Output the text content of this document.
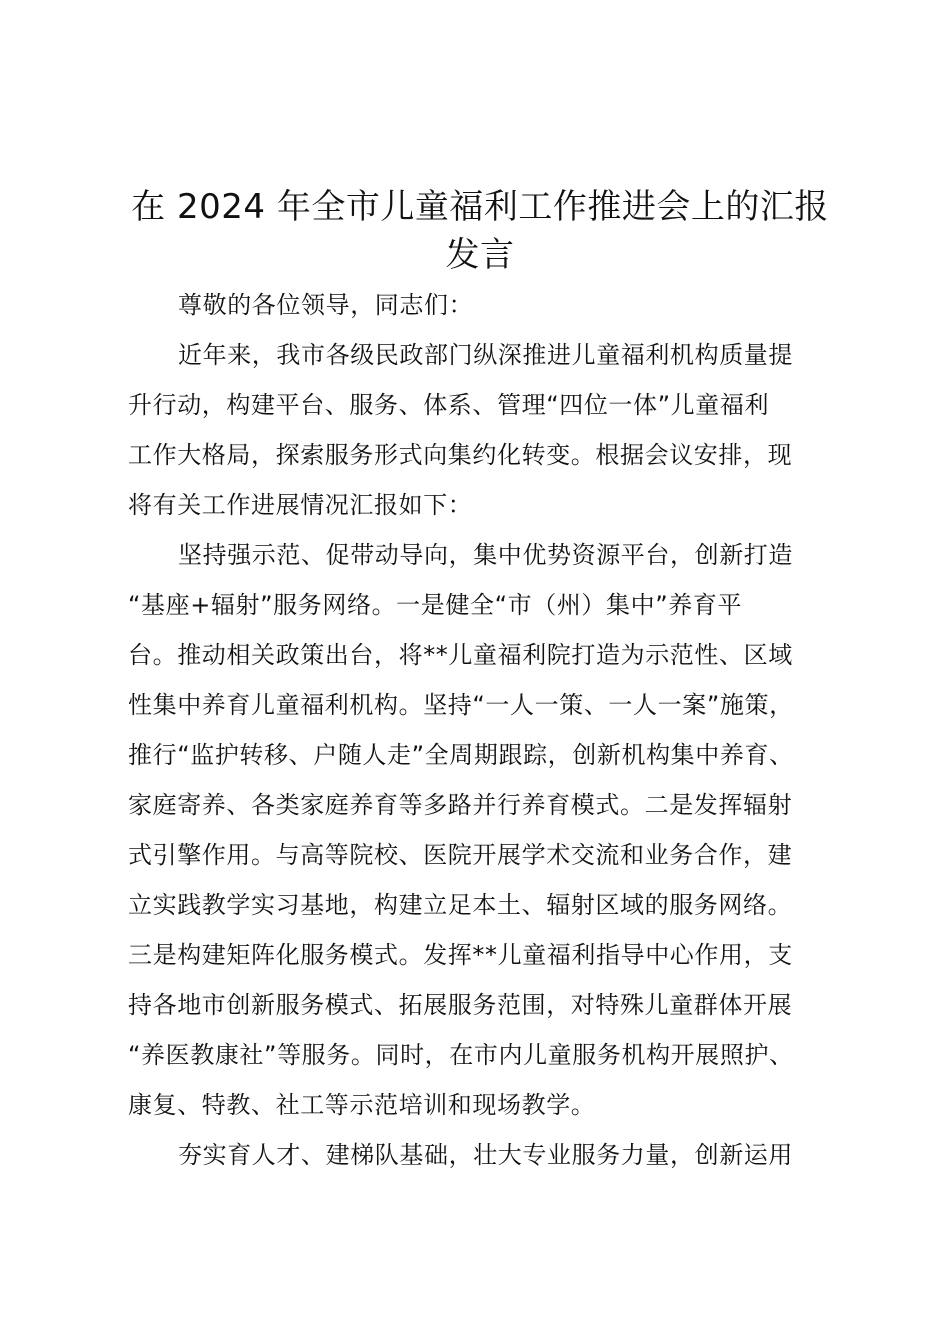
在 2024 年全市儿童福利工作推进会上的汇报
发言
尊敬的各位领导，同志们：
近年来，我市各级民政部门纵深推进儿童福利机构质量提
升行动，构建平台、服务、体系、管理“四位一体”儿童福利
工作大格局，探索服务形式向集约化转变。根据会议安排，现
将有关工作进展情况汇报如下：
坚持强示范、促带动导向，集中优势资源平台，创新打造
“基座+辐射”服务网络。一是健全“市（州）集中”养育平
台。推动相关政策出台，将**儿童福利院打造为示范性、区域
性集中养育儿童福利机构。坚持“一人一策、一人一案”施策，
推行“监护转移、户随人走”全周期跟踪，创新机构集中养育、
家庭寄养、各类家庭养育等多路并行养育模式。二是发挥辐射
式引擎作用。与高等院校、医院开展学术交流和业务合作，建
立实践教学实习基地，构建立足本土、辐射区域的服务网络。
三是构建矩阵化服务模式。发挥**儿童福利指导中心作用，支
持各地市创新服务模式、拓展服务范围，对特殊儿童群体开展
“养医教康社”等服务。同时，在市内儿童服务机构开展照护、
康复、特教、社工等示范培训和现场教学。
夯实育人才、建梯队基础，壮大专业服务力量，创新运用
